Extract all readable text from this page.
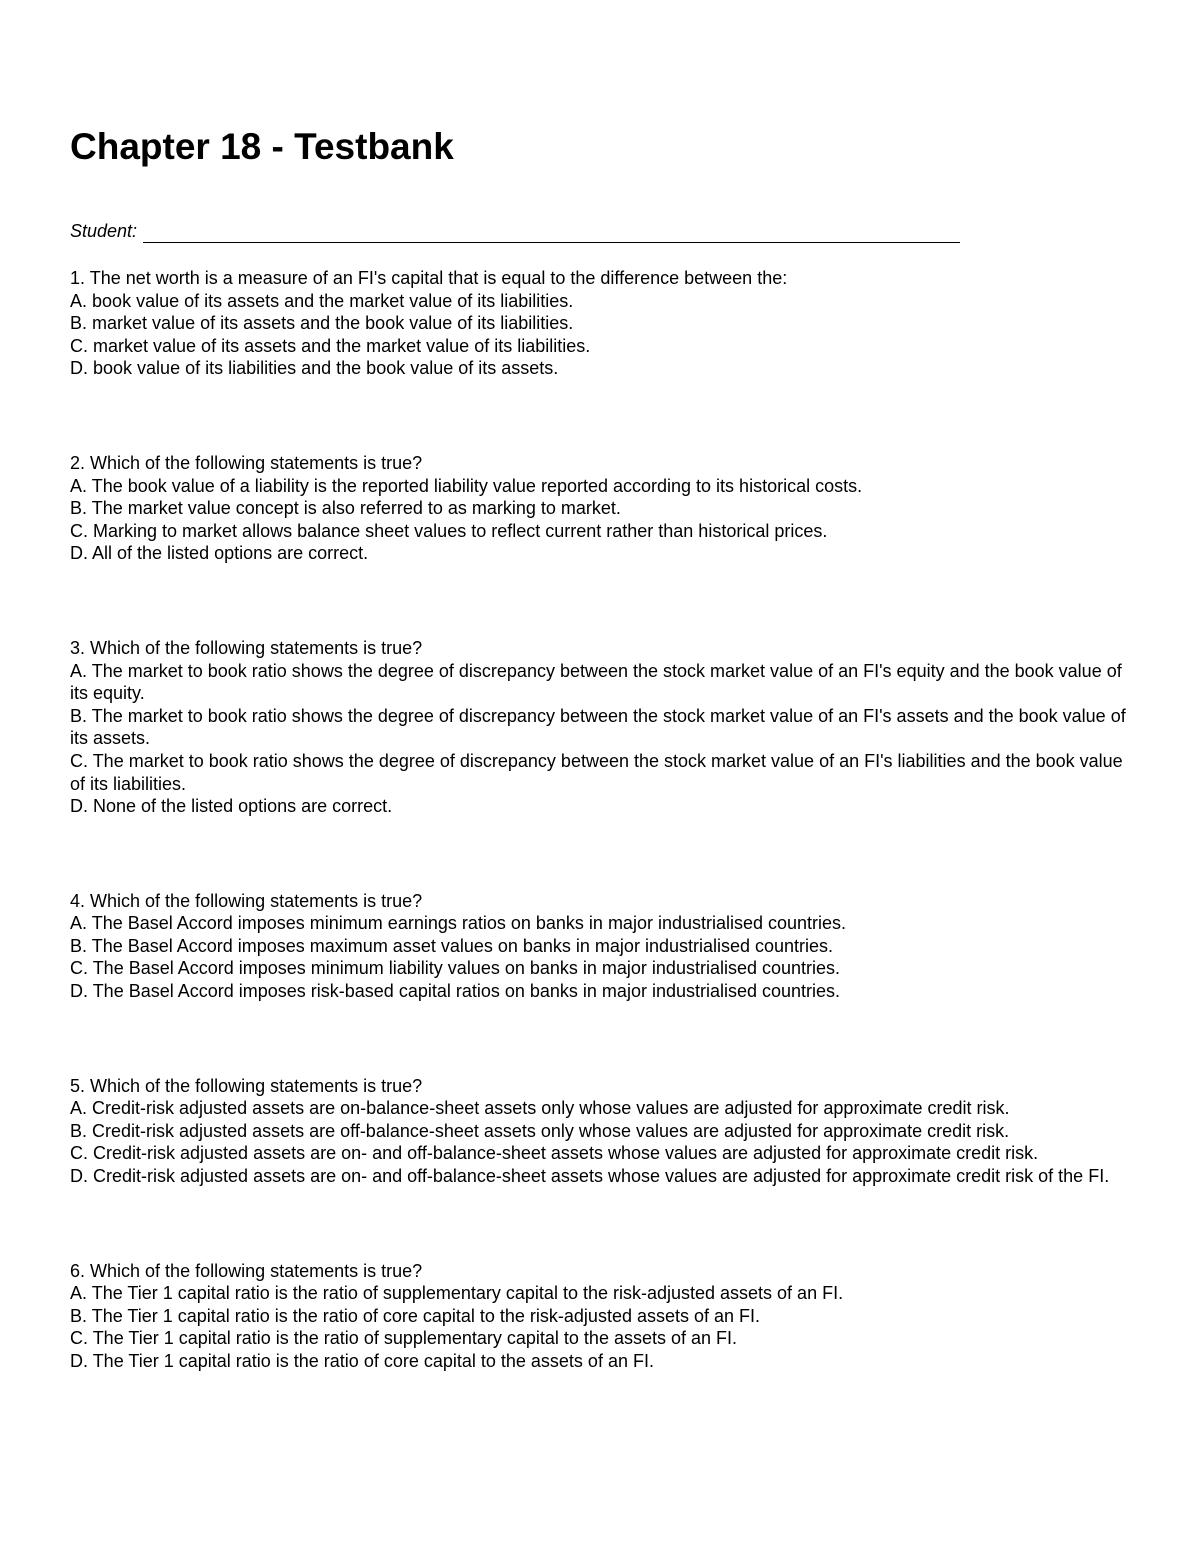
Chapter 18 - Testbank
Student:

1. The net worth is a measure of an FI's capital that is equal to the difference between the:

A. book value of its assets and the market value of its liabilities.

B. market value of its assets and the book value of its liabilities.

C. market value of its assets and the market value of its liabilities.

D. book value of its liabilities and the book value of its assets.

2. Which of the following statements is true?

A. The book value of a liability is the reported liability value reported according to its historical costs.

B. The market value concept is also referred to as marking to market.

C. Marking to market allows balance sheet values to reflect current rather than historical prices.

D. All of the listed options are correct.

3. Which of the following statements is true?

A. The market to book ratio shows the degree of discrepancy between the stock market value of an FI's equity and the book value of its equity.

B. The market to book ratio shows the degree of discrepancy between the stock market value of an FI's assets and the book value of its assets.

C. The market to book ratio shows the degree of discrepancy between the stock market value of an FI's liabilities and the book value of its liabilities.

D. None of the listed options are correct.

4. Which of the following statements is true?

A. The Basel Accord imposes minimum earnings ratios on banks in major industrialised countries.

B. The Basel Accord imposes maximum asset values on banks in major industrialised countries.

C. The Basel Accord imposes minimum liability values on banks in major industrialised countries.

D. The Basel Accord imposes risk-based capital ratios on banks in major industrialised countries.

5. Which of the following statements is true?

A. Credit-risk adjusted assets are on-balance-sheet assets only whose values are adjusted for approximate credit risk.

B. Credit-risk adjusted assets are off-balance-sheet assets only whose values are adjusted for approximate credit risk.

C. Credit-risk adjusted assets are on- and off-balance-sheet assets whose values are adjusted for approximate credit risk.

D. Credit-risk adjusted assets are on- and off-balance-sheet assets whose values are adjusted for approximate credit risk of the FI.

6. Which of the following statements is true?

A. The Tier 1 capital ratio is the ratio of supplementary capital to the risk-adjusted assets of an FI.

B. The Tier 1 capital ratio is the ratio of core capital to the risk-adjusted assets of an FI.

C. The Tier 1 capital ratio is the ratio of supplementary capital to the assets of an FI.

D. The Tier 1 capital ratio is the ratio of core capital to the assets of an FI.
